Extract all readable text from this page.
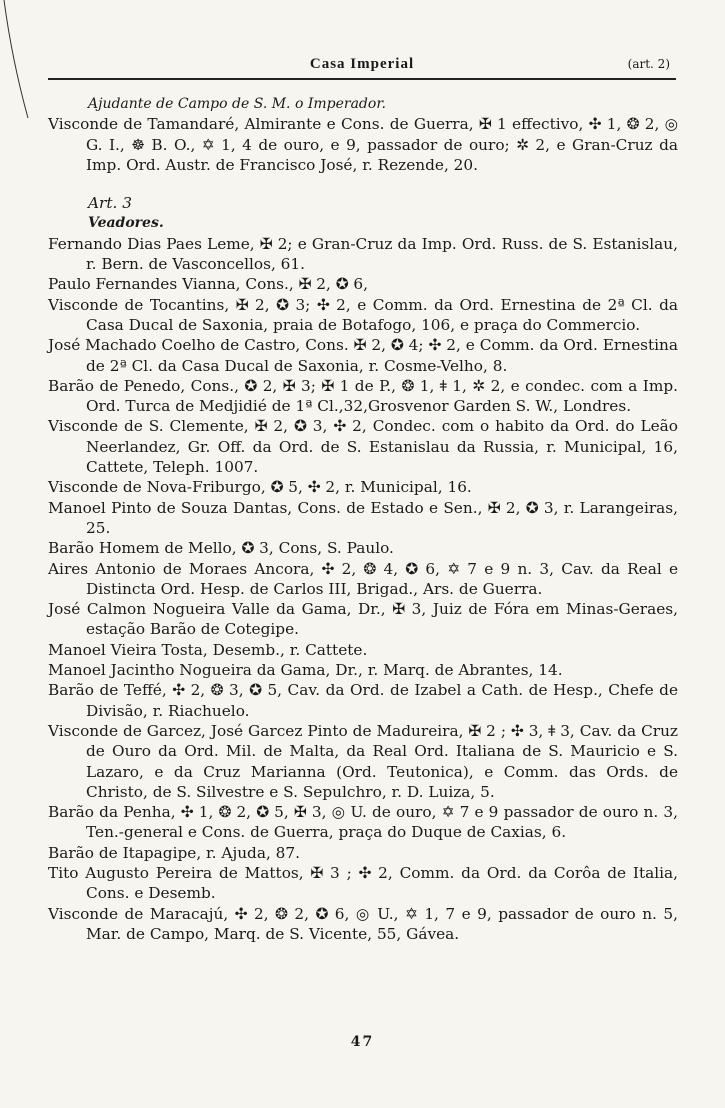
Casa Imperial	(art. 2)
Ajudante de Campo de S. M. o Imperador.
Visconde de Tamandaré, Almirante e Cons. de Guerra, ✠ 1 effectivo, ✣ 1, ❂ 2, ◎ G. I., ☸ B. O., ✡ 1, 4 de ouro, e 9, passador de ouro; ✲ 2, e Gran-Cruz da Imp. Ord. Austr. de Francisco José, r. Rezende, 20.
Art. 3
Veadores.
Fernando Dias Paes Leme, ✠ 2; e Gran-Cruz da Imp. Ord. Russ. de S. Estanislau, r. Bern. de Vasconcellos, 61.
Paulo Fernandes Vianna, Cons., ✠ 2, ✪ 6,
Visconde de Tocantins, ✠ 2, ✪ 3; ✣ 2, e Comm. da Ord. Ernestina de 2ª Cl. da Casa Ducal de Saxonia, praia de Botafogo, 106, e praça do Commercio.
José Machado Coelho de Castro, Cons. ✠ 2, ✪ 4; ✣ 2, e Comm. da Ord. Ernestina de 2ª Cl. da Casa Ducal de Saxonia, r. Cosme-Velho, 8.
Barão de Penedo, Cons., ✪ 2, ✠ 3; ✠ 1 de P., ❂ 1, ǂ 1, ✲ 2, e condec. com a Imp. Ord. Turca de Medjidié de 1ª Cl.,32,Grosvenor Garden S. W., Londres.
Visconde de S. Clemente, ✠ 2, ✪ 3, ✣ 2, Condec. com o habito da Ord. do Leão Neerlandez, Gr. Off. da Ord. de S. Estanislau da Russia, r. Municipal, 16, Cattete, Teleph. 1007.
Visconde de Nova-Friburgo, ✪ 5, ✣ 2, r. Municipal, 16.
Manoel Pinto de Souza Dantas, Cons. de Estado e Sen., ✠ 2, ✪ 3, r. Larangeiras, 25.
Barão Homem de Mello, ✪ 3, Cons, S. Paulo.
Aires Antonio de Moraes Ancora, ✣ 2, ❂ 4, ✪ 6, ✡ 7 e 9 n. 3, Cav. da Real e Distincta Ord. Hesp. de Carlos III, Brigad., Ars. de Guerra.
José Calmon Nogueira Valle da Gama, Dr., ✠ 3, Juiz de Fóra em Minas-Geraes, estação Barão de Cotegipe.
Manoel Vieira Tosta, Desemb., r. Cattete.
Manoel Jacintho Nogueira da Gama, Dr., r. Marq. de Abrantes, 14.
Barão de Teffé, ✣ 2, ❂ 3, ✪ 5, Cav. da Ord. de Izabel a Cath. de Hesp., Chefe de Divisão, r. Riachuelo.
Visconde de Garcez, José Garcez Pinto de Madureira, ✠ 2 ; ✣ 3, ǂ 3, Cav. da Cruz de Ouro da Ord. Mil. de Malta, da Real Ord. Italiana de S. Mauricio e S. Lazaro, e da Cruz Marianna (Ord. Teutonica), e Comm. das Ords. de Christo, de S. Silvestre e S. Sepulchro, r. D. Luiza, 5.
Barão da Penha, ✣ 1, ❂ 2, ✪ 5, ✠ 3, ◎ U. de ouro, ✡ 7 e 9 passador de ouro n. 3, Ten.-general e Cons. de Guerra, praça do Duque de Caxias, 6.
Barão de Itapagipe, r. Ajuda, 87.
Tito Augusto Pereira de Mattos, ✠ 3 ; ✣ 2, Comm. da Ord. da Corôa de Italia, Cons. e Desemb.
Visconde de Maracajú, ✣ 2, ❂ 2, ✪ 6, ◎ U., ✡ 1, 7 e 9, passador de ouro n. 5, Mar. de Campo, Marq. de S. Vicente, 55, Gávea.
47
